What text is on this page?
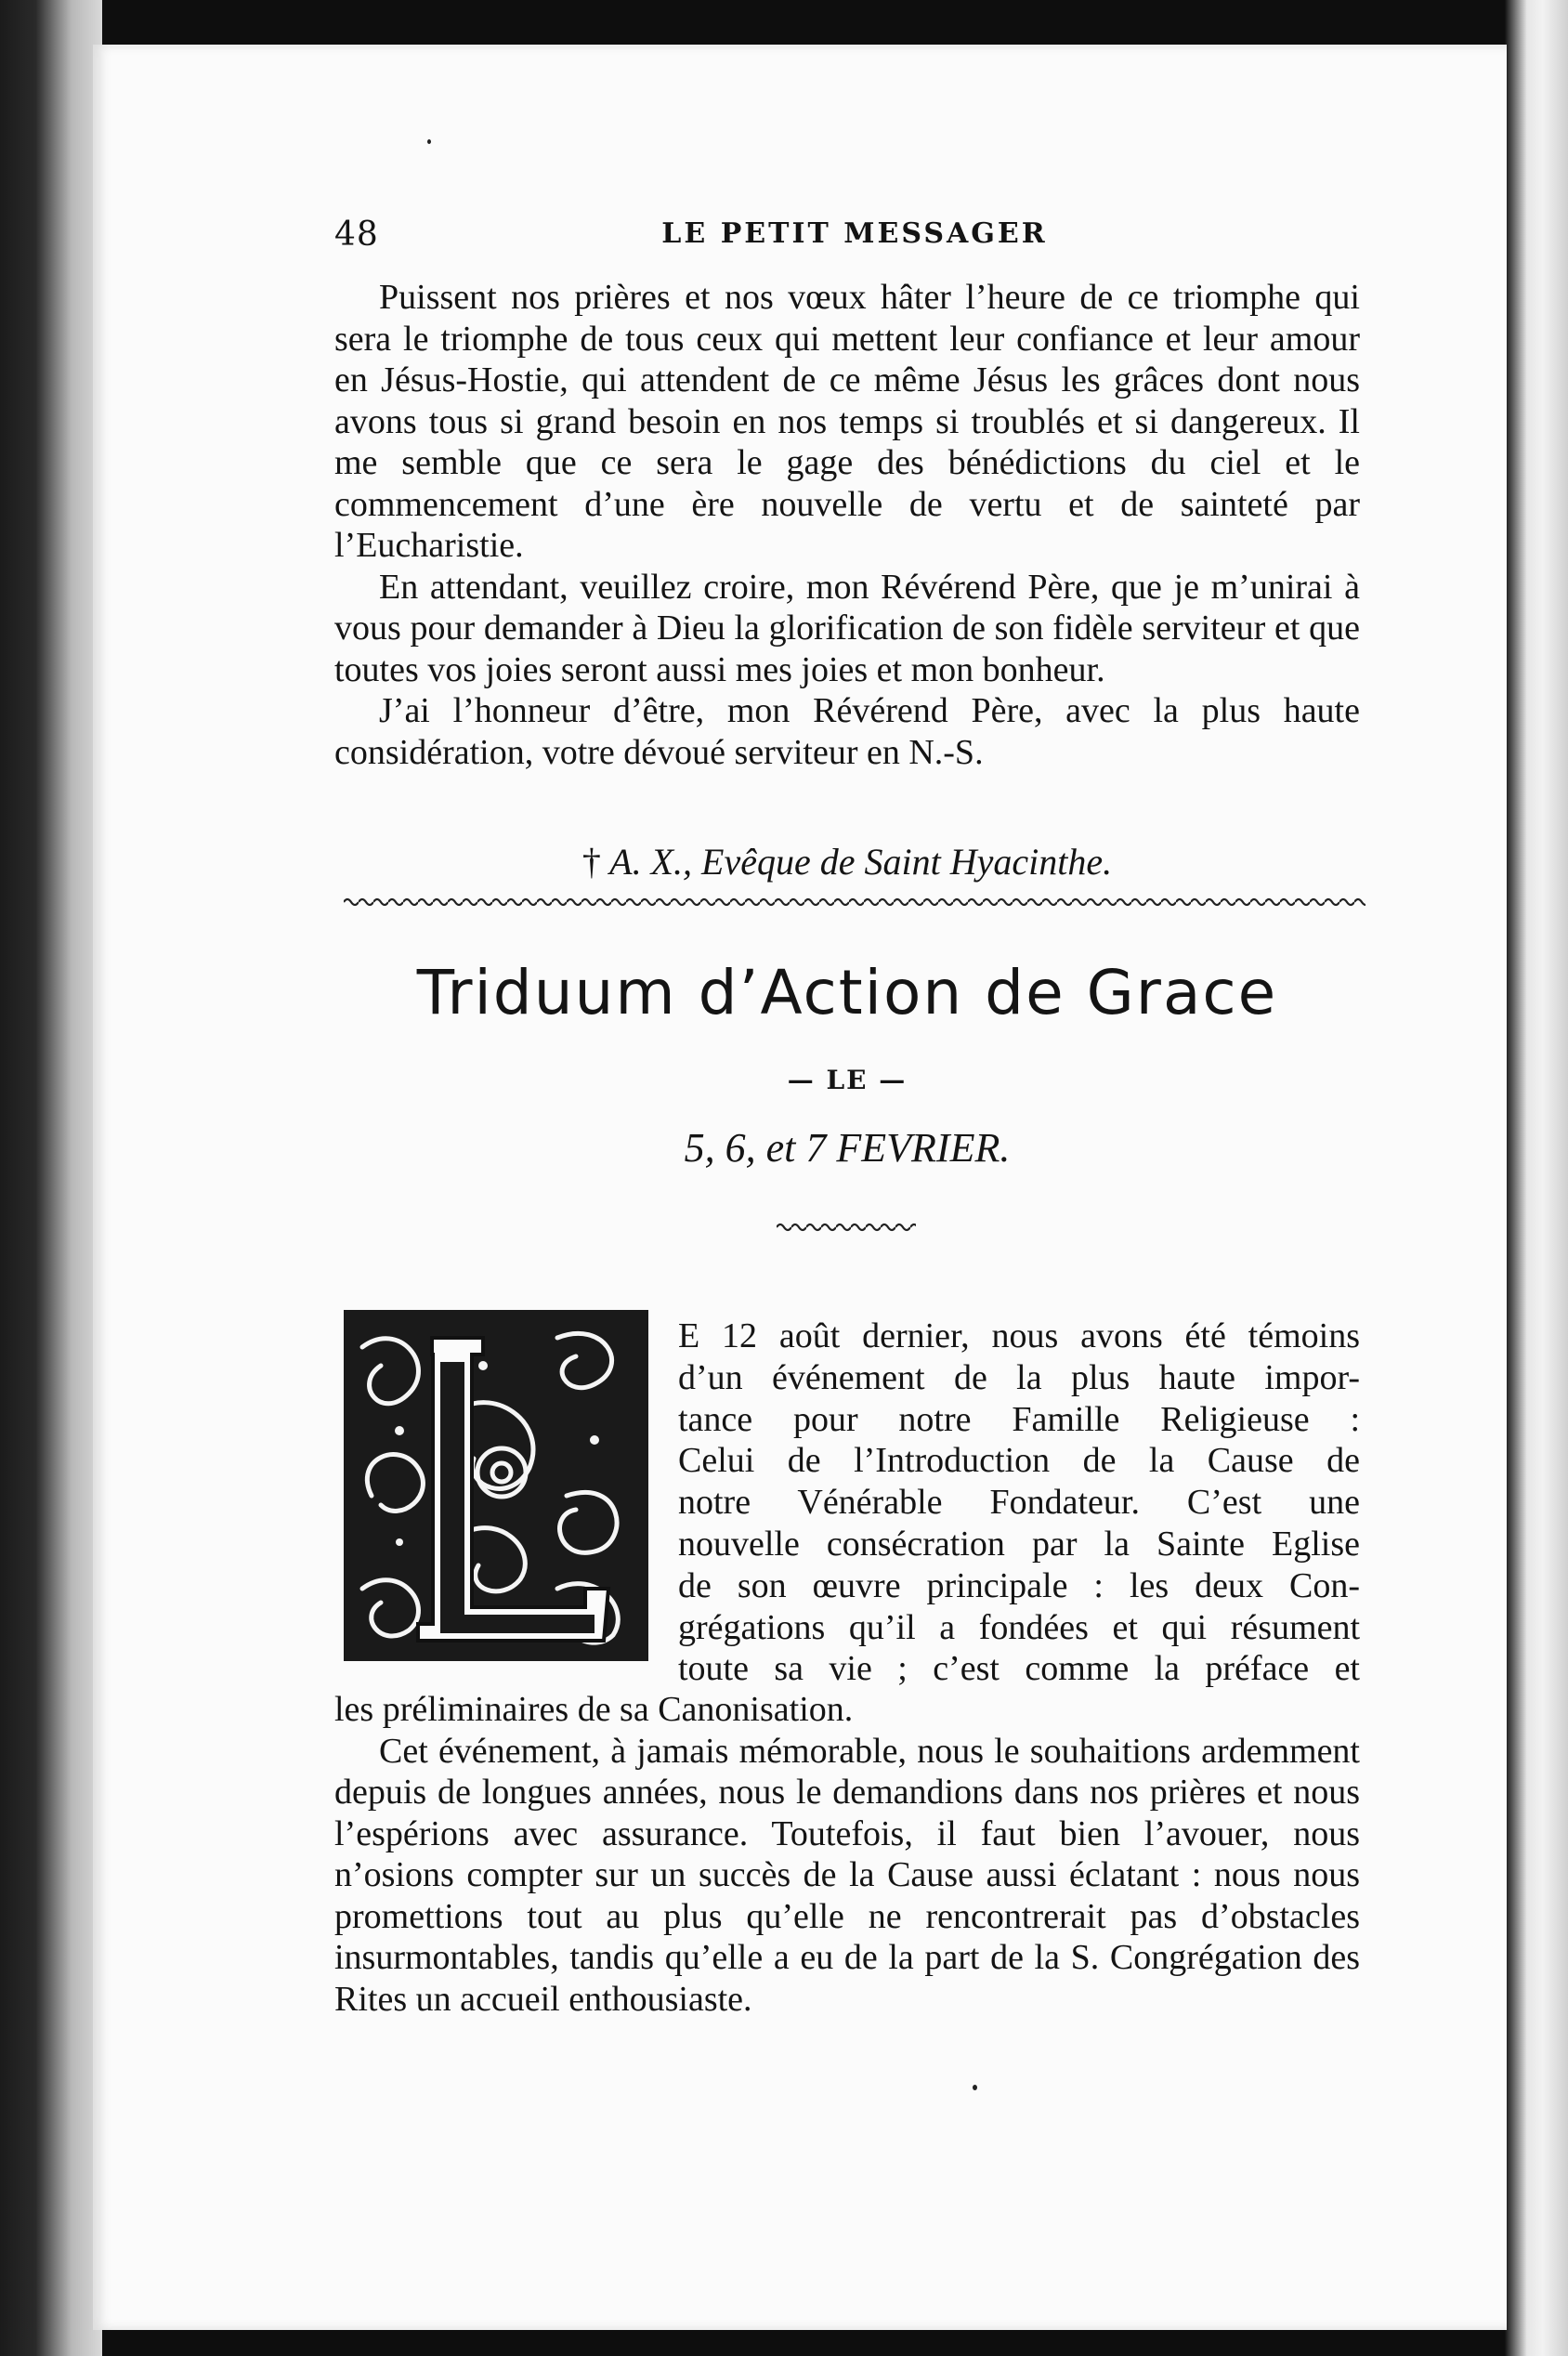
48	LE PETIT MESSAGER

Puissent nos prières et nos vœux hâter l’heure de ce triomphe qui sera le triomphe de tous ceux qui mettent leur confiance et leur amour en Jésus-Hostie, qui attendent de ce même Jésus les grâces dont nous avons tous si grand besoin en nos temps si troublés et si dangereux. Il me semble que ce sera le gage des bénédictions du ciel et le commencement d’une ère nouvelle de vertu et de sainteté par l’Eucharistie.

En attendant, veuillez croire, mon Révérend Père, que je m’unirai à vous pour demander à Dieu la glorification de son fidèle serviteur et que toutes vos joies seront aussi mes joies et mon bonheur.

J’ai l’honneur d’être, mon Révérend Père, avec la plus haute considération, votre dévoué serviteur en N.-S.

† A. X., Evêque de Saint Hyacinthe.
Triduum d’Action de Grace
— LE —
5, 6, et 7 FEVRIER.
E 12 août dernier, nous avons été témoins
d’un événement de la plus haute impor-
tance pour notre Famille Religieuse :
Celui de l’Introduction de la Cause de
notre Vénérable Fondateur. C’est une
nouvelle consécration par la Sainte Eglise
de son œuvre principale : les deux Con-
grégations qu’il a fondées et qui résument
toute sa vie ; c’est comme la préface et

les préliminaires de sa Canonisation.

Cet événement, à jamais mémorable, nous le souhaitions ardemment depuis de longues années, nous le demandions dans nos prières et nous l’espérions avec assurance. Toutefois, il faut bien l’avouer, nous n’osions compter sur un succès de la Cause aussi éclatant : nous nous promettions tout au plus qu’elle ne rencontrerait pas d’obstacles insurmontables, tandis qu’elle a eu de la part de la S. Congrégation des Rites un accueil enthousiaste.
